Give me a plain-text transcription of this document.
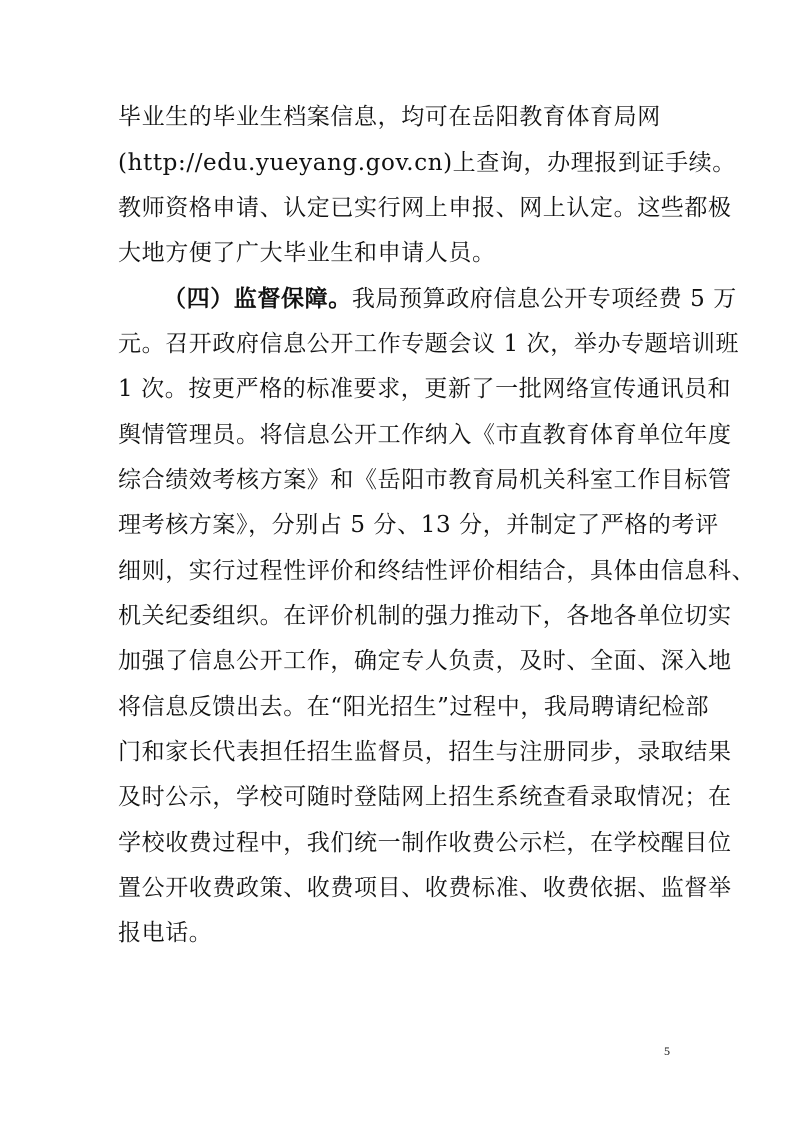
毕业生的毕业生档案信息，均可在岳阳教育体育局网
(http://edu.yueyang.gov.cn)上查询，办理报到证手续。
教师资格申请、认定已实行网上申报、网上认定。这些都极
大地方便了广大毕业生和申请人员。
（四）监督保障。我局预算政府信息公开专项经费 5 万
元。召开政府信息公开工作专题会议 1 次，举办专题培训班
1 次。按更严格的标准要求，更新了一批网络宣传通讯员和
舆情管理员。将信息公开工作纳入《市直教育体育单位年度
综合绩效考核方案》和《岳阳市教育局机关科室工作目标管
理考核方案》，分别占 5 分、13 分，并制定了严格的考评
细则，实行过程性评价和终结性评价相结合，具体由信息科、
机关纪委组织。在评价机制的强力推动下，各地各单位切实
加强了信息公开工作，确定专人负责，及时、全面、深入地
将信息反馈出去。在“阳光招生”过程中，我局聘请纪检部
门和家长代表担任招生监督员，招生与注册同步，录取结果
及时公示，学校可随时登陆网上招生系统查看录取情况；在
学校收费过程中，我们统一制作收费公示栏，在学校醒目位
置公开收费政策、收费项目、收费标准、收费依据、监督举
报电话。
5
